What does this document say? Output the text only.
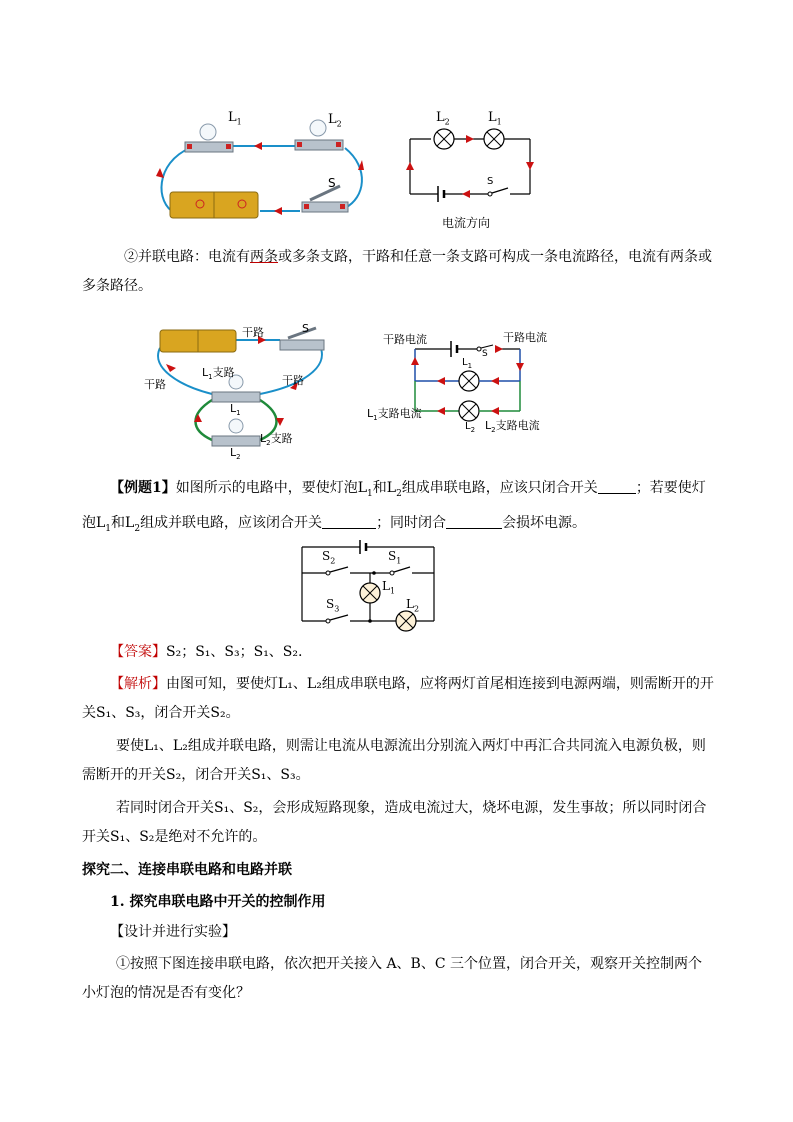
$L_1$	$L_2$
S
$L_2$	$L_1$
S
电流方向
②并联电路：电流有两条或多条支路，干路和任意一条支路可构成一条电流路径，电流有两条或多条路径。
干路	S
$L_1$支路
干路	干路
$L_1$
$L_2$支路
$L_2$
干路电流	干路电流
S
$L_1$
$L_1$支路电流
$L_2$ $L_2$支路电流
【例题1】如图所示的电路中，要使灯泡$L_1$和$L_2$组成串联电路，应该只闭合开关	；若要使灯
泡$L_1$和$L_2$组成并联电路，应该闭合开关	；同时闭合	会损坏电源。
$S_2$	$S_1$
$L_1$
$S_3$	$L_2$
【答案】S₂；S₁、S₃；S₁、S₂.
【解析】由图可知，要使灯L₁、L₂组成串联电路，应将两灯首尾相连接到电源两端，则需断开的开关S₁、S₃，闭合开关S₂。
要使L₁、L₂组成并联电路，则需让电流从电源流出分别流入两灯中再汇合共同流入电源负极，则需断开的开关S₂，闭合开关S₁、S₃。
若同时闭合开关S₁、S₂，会形成短路现象，造成电流过大，烧坏电源，发生事故；所以同时闭合开关S₁、S₂是绝对不允许的。
探究二、连接串联电路和电路并联
1. 探究串联电路中开关的控制作用
【设计并进行实验】
①按照下图连接串联电路，依次把开关接入 A、B、C 三个位置，闭合开关，观察开关控制两个小灯泡的情况是否有变化？
